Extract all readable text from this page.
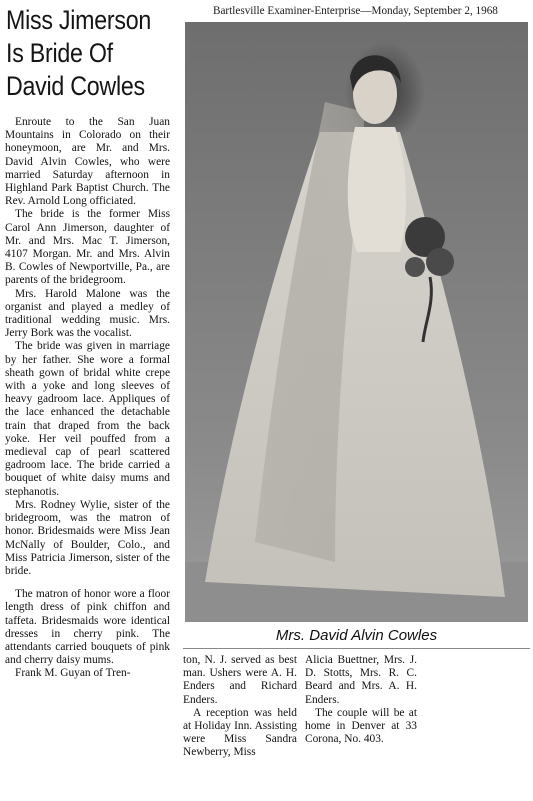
Miss Jimerson
Is Bride Of
David Cowles
Bartlesville Examiner-Enterprise—Monday, September 2, 1968

Enroute to the San Juan Mountains in Colorado on their honeymoon, are Mr. and Mrs. David Alvin Cowles, who were married Saturday afternoon in Highland Park Baptist Church. The Rev. Arnold Long officiated.

The bride is the former Miss Carol Ann Jimerson, daughter of Mr. and Mrs. Mac T. Jimerson, 4107 Morgan. Mr. and Mrs. Alvin B. Cowles of Newportville, Pa., are parents of the bridegroom.

Mrs. Harold Malone was the organist and played a medley of traditional wedding music. Mrs. Jerry Bork was the vocalist.

The bride was given in marriage by her father. She wore a formal sheath gown of bridal white crepe with a yoke and long sleeves of heavy gadroom lace. Appliques of the lace enhanced the detachable train that draped from the back yoke. Her veil pouffed from a medieval cap of pearl scattered gadroom lace. The bride carried a bouquet of white daisy mums and stephanotis.

Mrs. Rodney Wylie, sister of the bridegroom, was the matron of honor. Bridesmaids were Miss Jean McNally of Boulder, Colo., and Miss Patricia Jimerson, sister of the bride.

The matron of honor wore a floor length dress of pink chiffon and taffeta. Bridesmaids wore identical dresses in cherry pink. The attendants carried bouquets of pink and cherry daisy mums.

Frank M. Guyan of Tren-

Mrs. David Alvin Cowles

ton, N. J. served as best man. Ushers were A. H. Enders and Richard Enders.

A reception was held at Holiday Inn. Assisting were Miss Sandra Newberry, Miss

Alicia Buettner, Mrs. J. D. Stotts, Mrs. R. C. Beard and Mrs. A. H. Enders.

The couple will be at home in Denver at 33 Corona, No. 403.
